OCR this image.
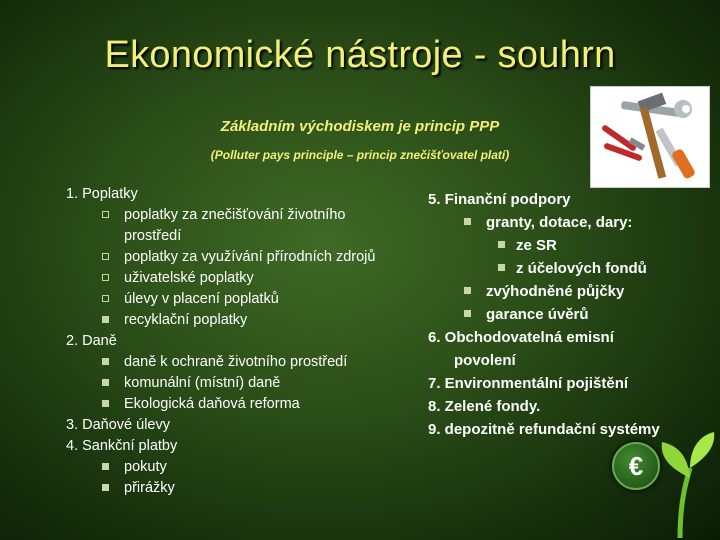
Ekonomické nástroje - souhrn
Základním východiskem je princip PPP
(Polluter pays principle – princip znečišťovatel platí)
1. Poplatky
poplatky za znečišťování životního prostředí
poplatky za využívání přírodních zdrojů
uživatelské poplatky
úlevy v placení poplatků
recyklační poplatky
2. Daně
daně k ochraně životního prostředí
komunální (místní) daně
Ekologická daňová reforma
3. Daňové úlevy
4. Sankční platby
pokuty
přirážky
5. Finanční podpory
granty, dotace, dary:
ze SR
z účelových fondů
zvýhodněné půjčky
garance úvěrů
6. Obchodovatelná emisní
povolení
7. Environmentální pojištění
8. Zelené fondy.
9. depozitně refundační systémy
€
